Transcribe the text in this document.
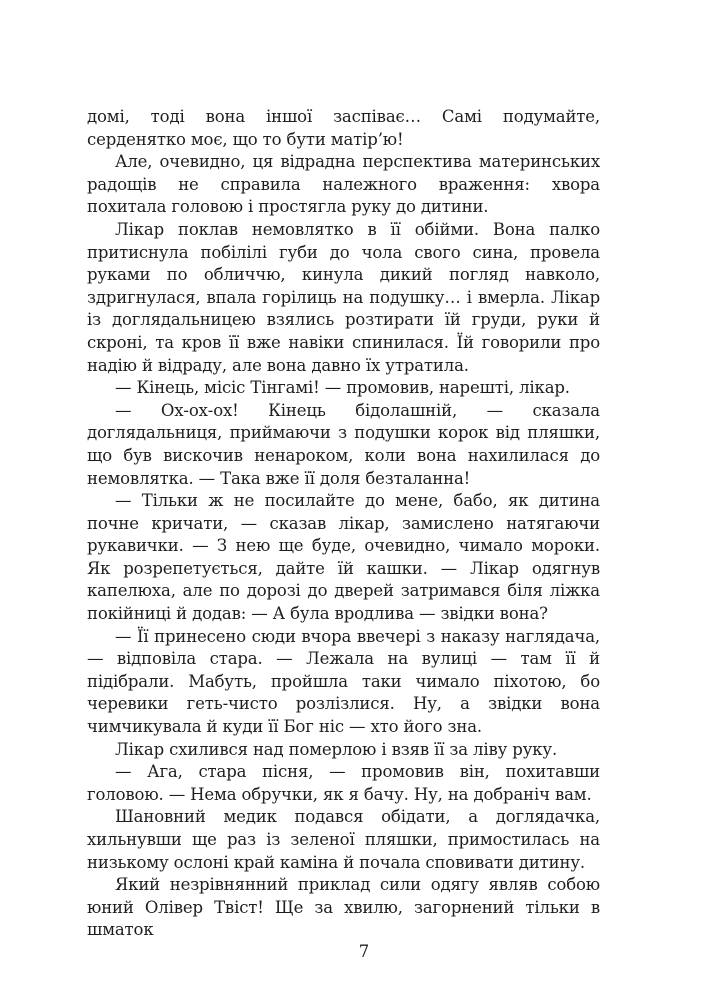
домі, тоді вона іншої заспіває… Самі подумайте, серденятко моє, що то бути матір’ю!

Але, очевидно, ця відрадна перспектива материнських радощів не справила належного враження: хвора похитала головою і простягла руку до дитини.

Лікар поклав немовлятко в її обійми. Вона палко притиснула побілілі губи до чола свого сина, провела руками по обличчю, кинула дикий погляд навколо, здригнулася, впала горілиць на подушку… і вмерла. Лікар із доглядальницею взялись розтирати їй груди, руки й скроні, та кров її вже навіки спинилася. Їй говорили про надію й відраду, але вона давно їх утратила.

— Кінець, місіс Тінгамі! — промовив, нарешті, лікар.

— Ох-ох-ох! Кінець бідолашній, — сказала доглядальниця, приймаючи з подушки корок від пляшки, що був вискочив ненароком, коли вона нахилилася до немовлятка. — Така вже її доля безталанна!

— Тільки ж не посилайте до мене, бабо, як дитина почне кричати, — сказав лікар, замислено натягаючи рукавички. — З нею ще буде, очевидно, чимало мороки. Як розрепетується, дайте їй кашки. — Лікар одягнув капелюха, але по дорозі до дверей затримався біля ліжка покійниці й додав: — А була вродлива — звідки вона?

— Її принесено сюди вчора ввечері з наказу наглядача, — відповіла стара. — Лежала на вулиці — там її й підібрали. Мабуть, пройшла таки чимало піхотою, бо черевики геть-чисто розлізлися. Ну, а звідки вона чимчикувала й куди її Бог ніс — хто його зна.

Лікар схилився над померлою і взяв її за ліву руку.

— Ага, стара пісня, — промовив він, похитавши головою. — Нема обручки, як я бачу. Ну, на добраніч вам.

Шановний медик подався обідати, а доглядачка, хильнувши ще раз із зеленої пляшки, примостилась на низькому ослоні край каміна й почала сповивати дитину.

Який незрівнянний приклад сили одягу являв собою юний Олівер Твіст! Ще за хвилю, загорнений тільки в шматок

7
